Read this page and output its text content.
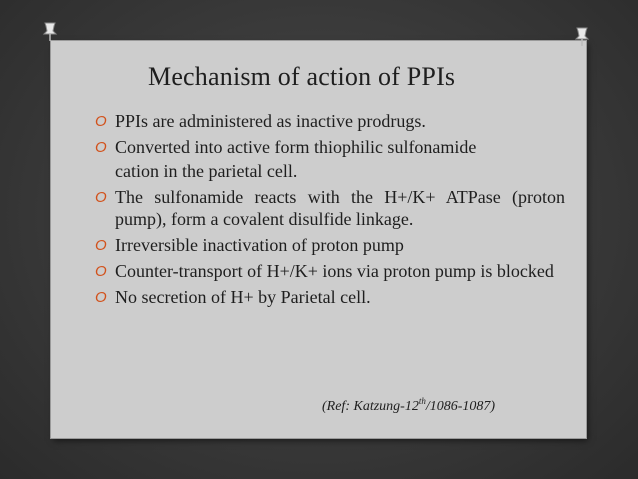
Mechanism of action of PPIs
O PPIs are administered as inactive prodrugs.
O Converted into active form thiophilic sulfonamide
cation in the parietal cell.
O The sulfonamide reacts with the H+/K+ ATPase (proton pump), form a covalent disulfide linkage.
O Irreversible inactivation of proton pump
O Counter-transport of H+/K+ ions via proton pump is blocked
O No secretion of H+ by Parietal cell.
(Ref: Katzung-12th/1086-1087)
